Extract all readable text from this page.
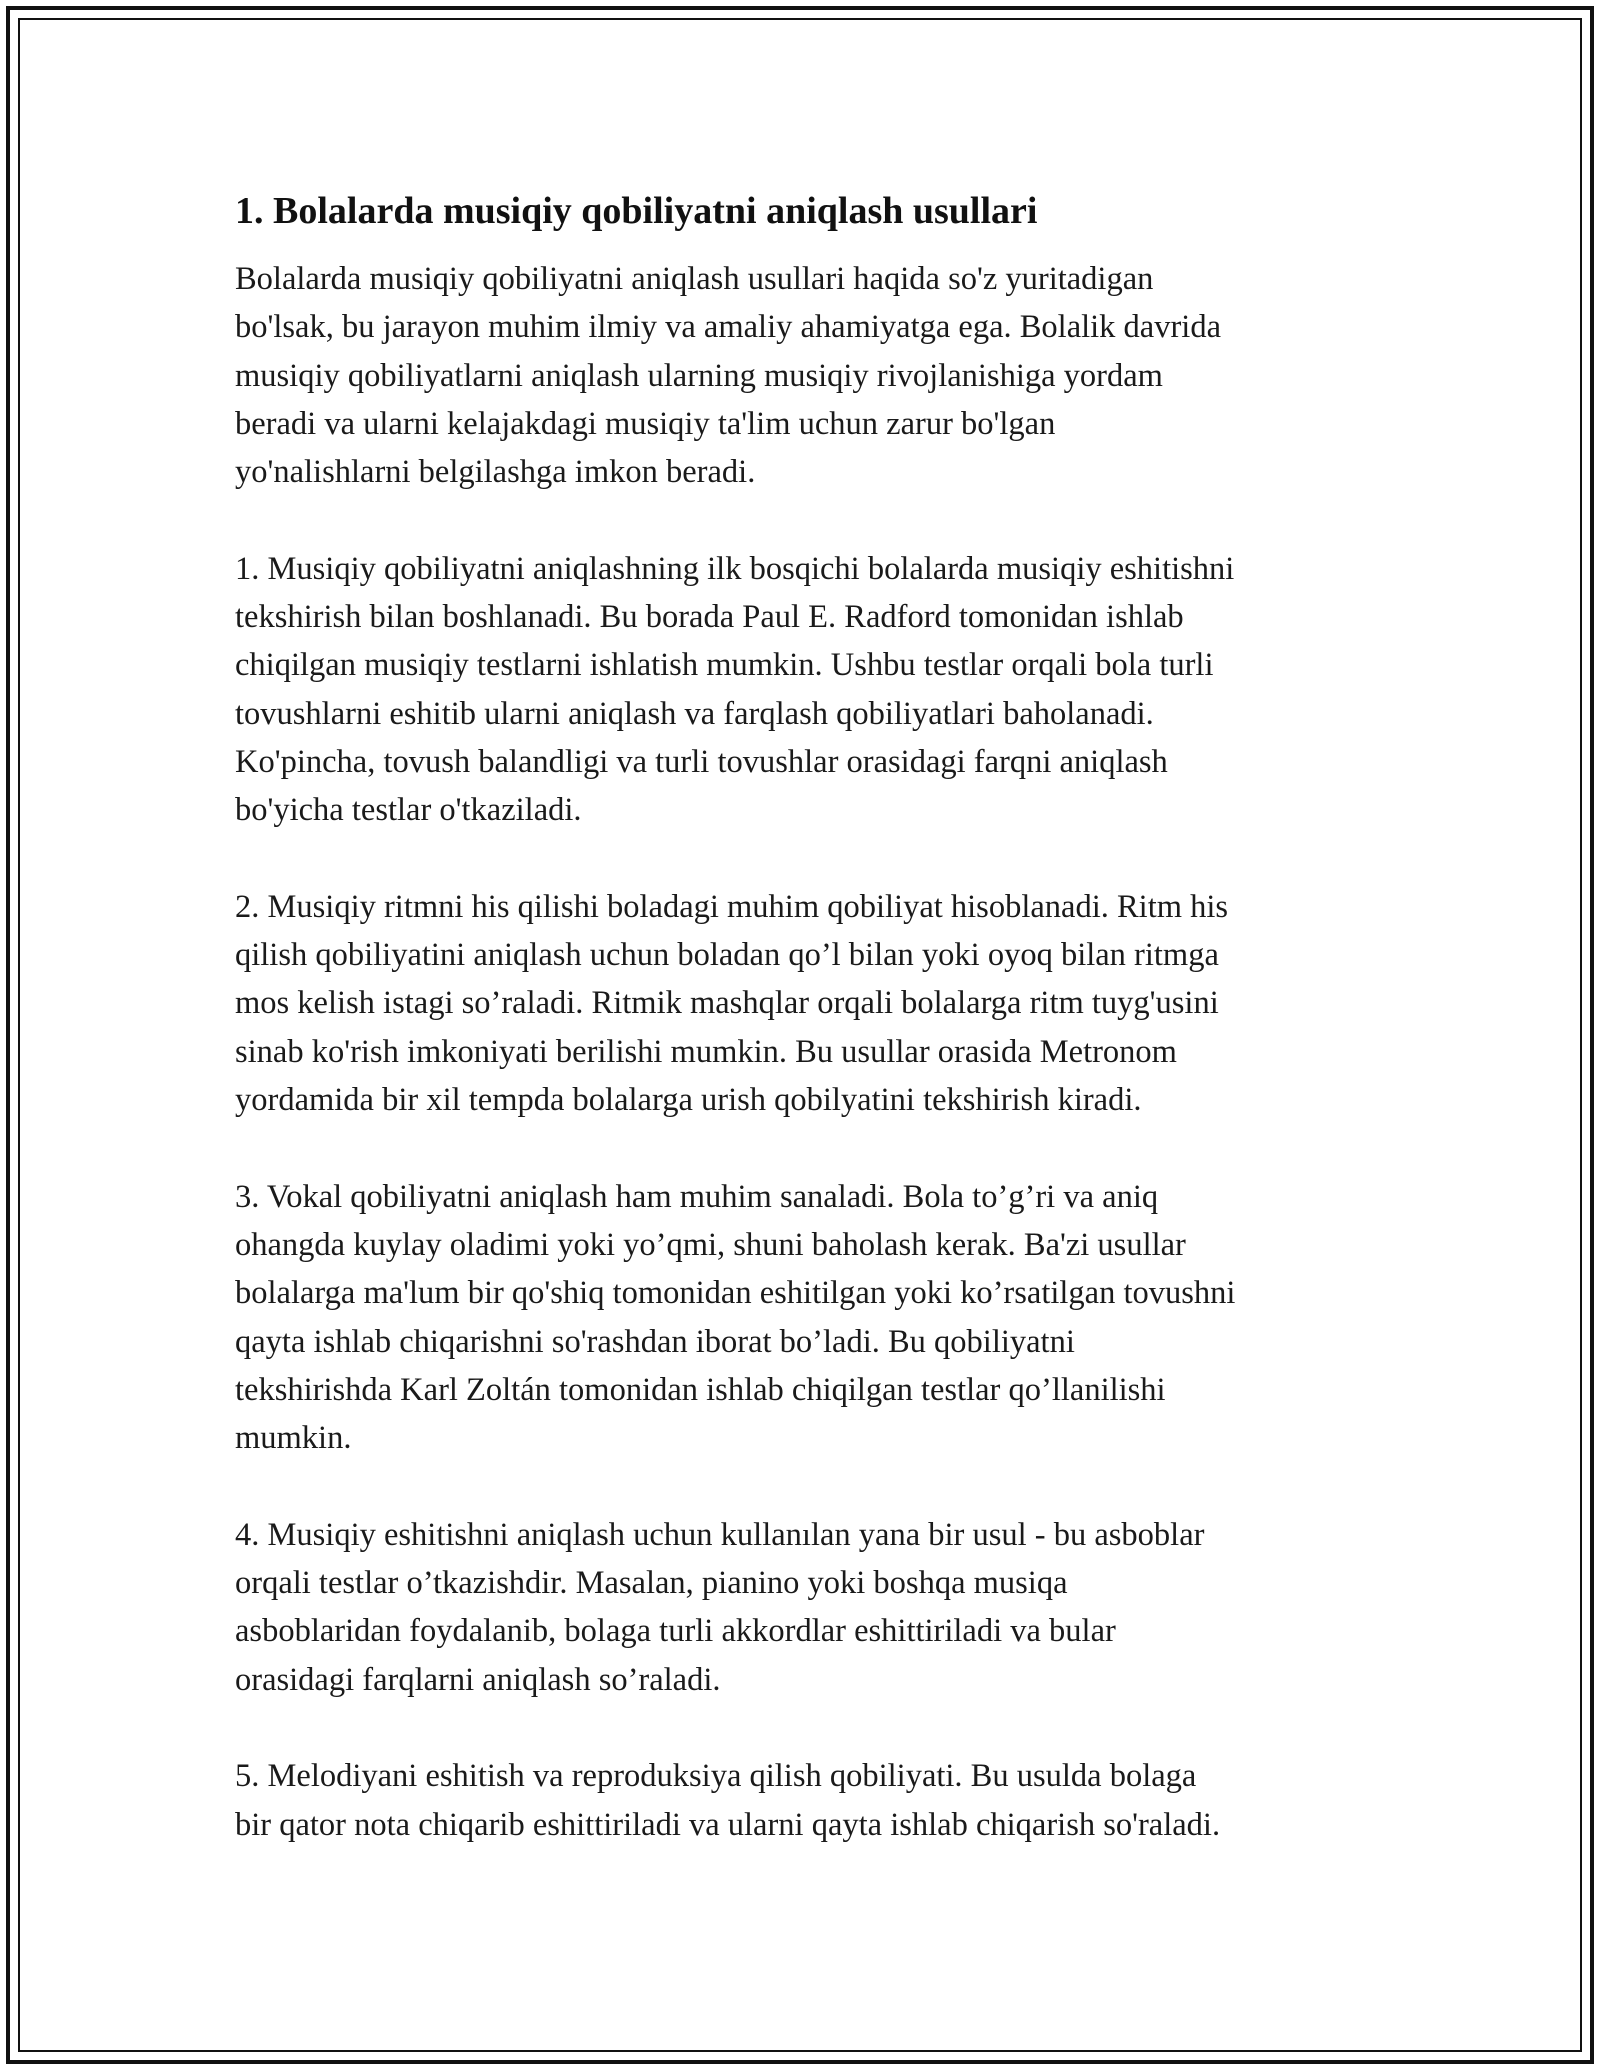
1. Bolalarda musiqiy qobiliyatni aniqlash usullari
Bolalarda musiqiy qobiliyatni aniqlash usullari haqida so'z yuritadigan
bo'lsak, bu jarayon muhim ilmiy va amaliy ahamiyatga ega. Bolalik davrida
musiqiy qobiliyatlarni aniqlash ularning musiqiy rivojlanishiga yordam
beradi va ularni kelajakdagi musiqiy ta'lim uchun zarur bo'lgan
yo'nalishlarni belgilashga imkon beradi.
1. Musiqiy qobiliyatni aniqlashning ilk bosqichi bolalarda musiqiy eshitishni
tekshirish bilan boshlanadi. Bu borada Paul E. Radford tomonidan ishlab
chiqilgan musiqiy testlarni ishlatish mumkin. Ushbu testlar orqali bola turli
tovushlarni eshitib ularni aniqlash va farqlash qobiliyatlari baholanadi.
Ko'pincha, tovush balandligi va turli tovushlar orasidagi farqni aniqlash
bo'yicha testlar o'tkaziladi.
2. Musiqiy ritmni his qilishi boladagi muhim qobiliyat hisoblanadi. Ritm his
qilish qobiliyatini aniqlash uchun boladan qo’l bilan yoki oyoq bilan ritmga
mos kelish istagi so’raladi. Ritmik mashqlar orqali bolalarga ritm tuyg'usini
sinab ko'rish imkoniyati berilishi mumkin. Bu usullar orasida Metronom
yordamida bir xil tempda bolalarga urish qobilyatini tekshirish kiradi.
3. Vokal qobiliyatni aniqlash ham muhim sanaladi. Bola to’g’ri va aniq
ohangda kuylay oladimi yoki yo’qmi, shuni baholash kerak. Ba'zi usullar
bolalarga ma'lum bir qo'shiq tomonidan eshitilgan yoki ko’rsatilgan tovushni
qayta ishlab chiqarishni so'rashdan iborat bo’ladi. Bu qobiliyatni
tekshirishda Karl Zoltán tomonidan ishlab chiqilgan testlar qo’llanilishi
mumkin.
4. Musiqiy eshitishni aniqlash uchun kullanılan yana bir usul - bu asboblar
orqali testlar o’tkazishdir. Masalan, pianino yoki boshqa musiqa
asboblaridan foydalanib, bolaga turli akkordlar eshittiriladi va bular
orasidagi farqlarni aniqlash so’raladi.
5. Melodiyani eshitish va reproduksiya qilish qobiliyati. Bu usulda bolaga
bir qator nota chiqarib eshittiriladi va ularni qayta ishlab chiqarish so'raladi.
